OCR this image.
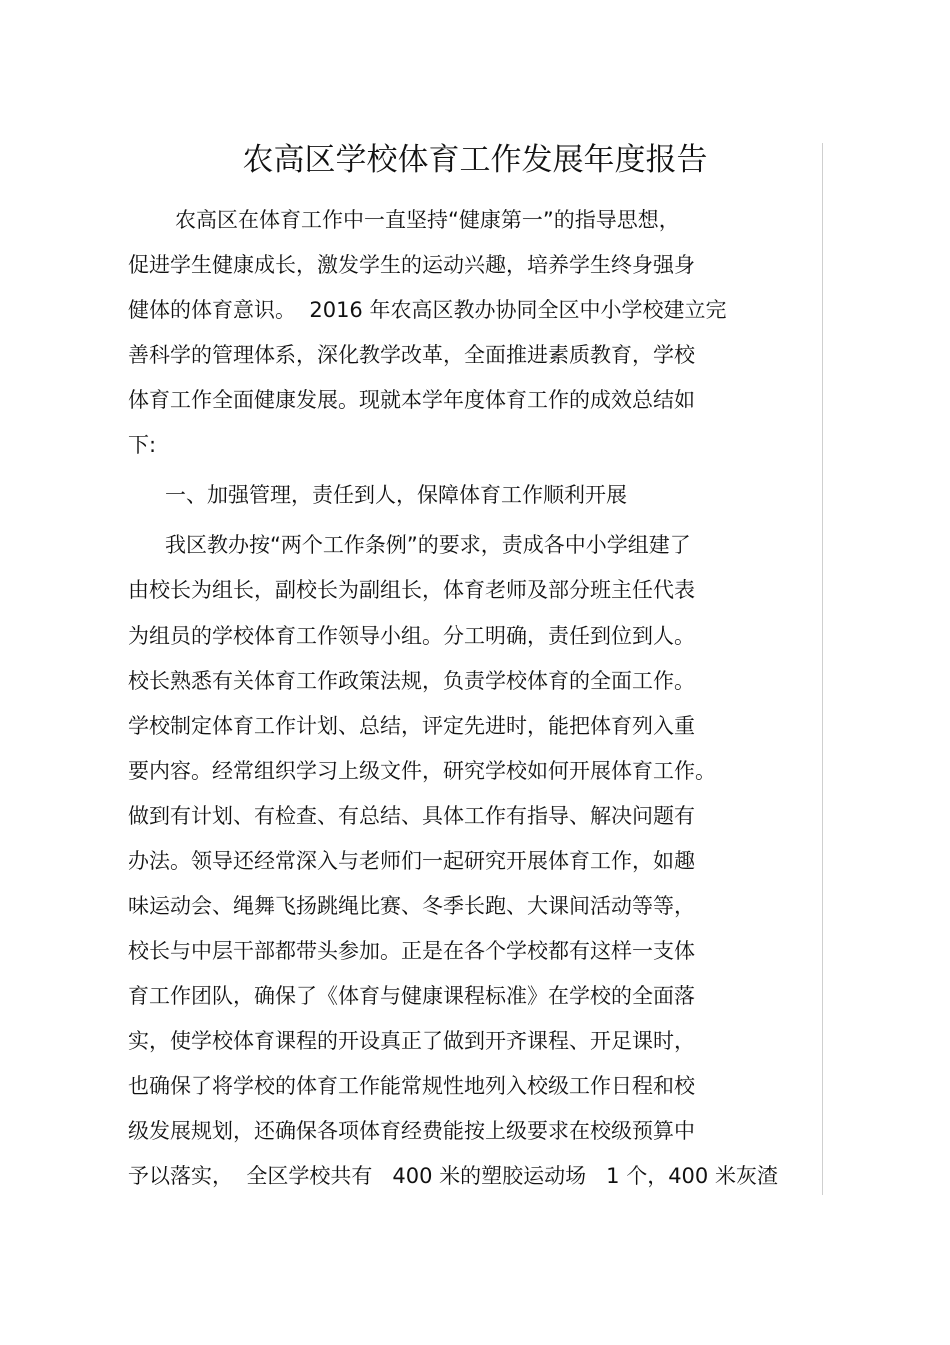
农高区学校体育工作发展年度报告
农高区在体育工作中一直坚持“健康第一”的指导思想，
促进学生健康成长，激发学生的运动兴趣，培养学生终身强身
健体的体育意识。  2016 年农高区教办协同全区中小学校建立完
善科学的管理体系，深化教学改革，全面推进素质教育，学校
体育工作全面健康发展。现就本学年度体育工作的成效总结如
下:
一、加强管理，责任到人，保障体育工作顺利开展
我区教办按“两个工作条例”的要求，责成各中小学组建了
由校长为组长，副校长为副组长，体育老师及部分班主任代表
为组员的学校体育工作领导小组。分工明确，责任到位到人。
校长熟悉有关体育工作政策法规，负责学校体育的全面工作。
学校制定体育工作计划、总结，评定先进时，能把体育列入重
要内容。经常组织学习上级文件，研究学校如何开展体育工作。
做到有计划、有检查、有总结、具体工作有指导、解决问题有
办法。领导还经常深入与老师们一起研究开展体育工作，如趣
味运动会、绳舞飞扬跳绳比赛、冬季长跑、大课间活动等等，
校长与中层干部都带头参加。正是在各个学校都有这样一支体
育工作团队，确保了《体育与健康课程标准》在学校的全面落
实，使学校体育课程的开设真正了做到开齐课程、开足课时，
也确保了将学校的体育工作能常规性地列入校级工作日程和校
级发展规划，还确保各项体育经费能按上级要求在校级预算中
予以落实，  全区学校共有   400 米的塑胶运动场   1 个，400 米灰渣
